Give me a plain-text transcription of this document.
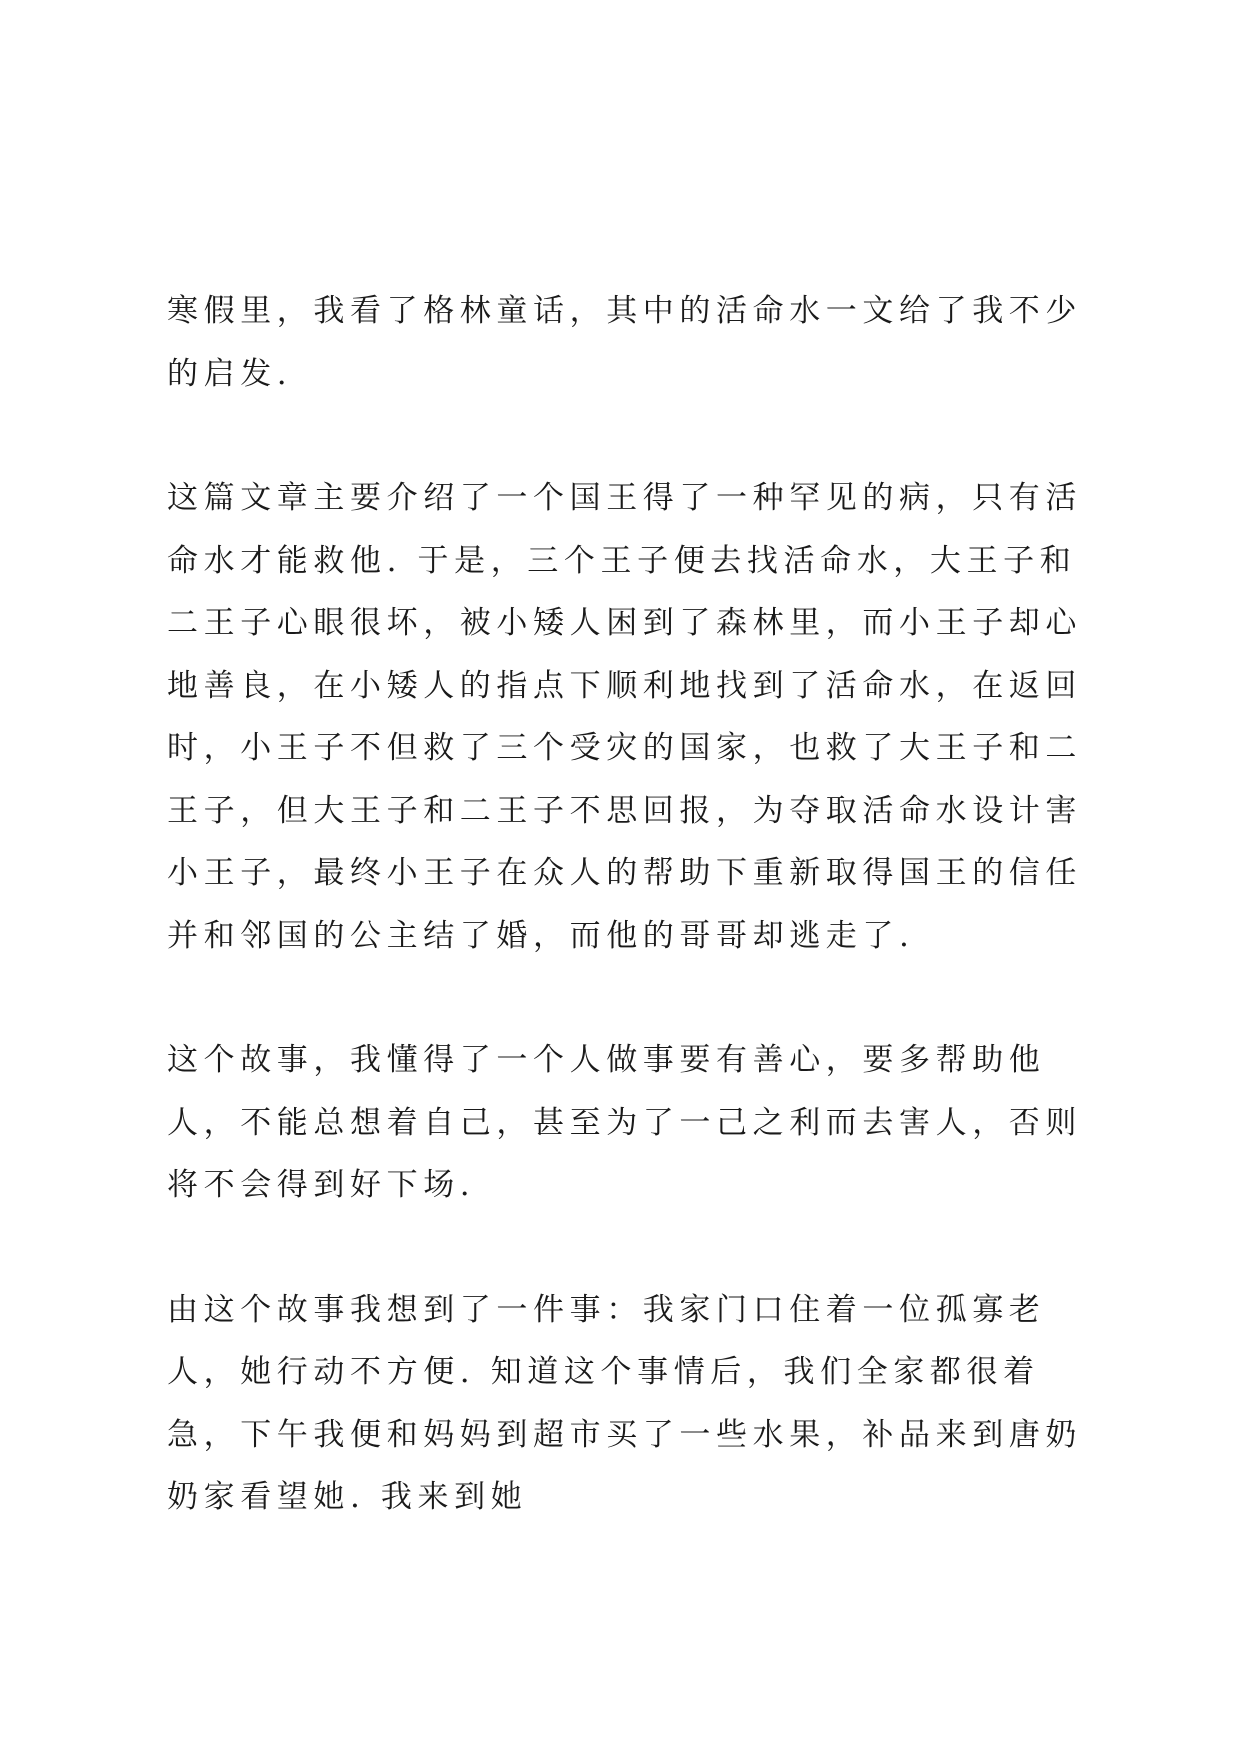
寒假里，我看了格林童话，其中的活命水一文给了我不少的启发.

这篇文章主要介绍了一个国王得了一种罕见的病，只有活命水才能救他. 于是，三个王子便去找活命水，大王子和二王子心眼很坏，被小矮人困到了森林里，而小王子却心地善良，在小矮人的指点下顺利地找到了活命水，在返回时，小王子不但救了三个受灾的国家，也救了大王子和二王子，但大王子和二王子不思回报，为夺取活命水设计害小王子，最终小王子在众人的帮助下重新取得国王的信任并和邻国的公主结了婚，而他的哥哥却逃走了.

这个故事，我懂得了一个人做事要有善心，要多帮助他人，不能总想着自己，甚至为了一己之利而去害人，否则将不会得到好下场.

由这个故事我想到了一件事：我家门口住着一位孤寡老人，她行动不方便. 知道这个事情后，我们全家都很着急，下午我便和妈妈到超市买了一些水果，补品来到唐奶奶家看望她. 我来到她
